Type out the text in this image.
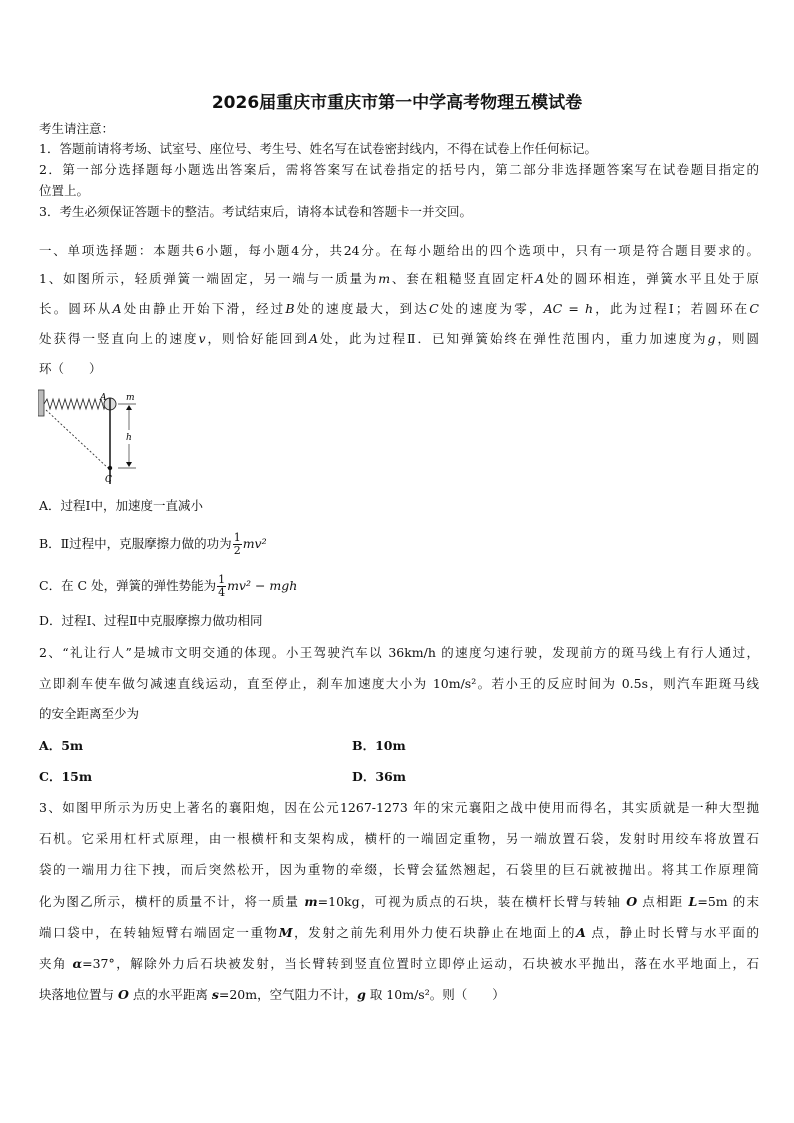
2026届重庆市重庆市第一中学高考物理五模试卷
考生请注意：
1．答题前请将考场、试室号、座位号、考生号、姓名写在试卷密封线内，不得在试卷上作任何标记。
2．第一部分选择题每小题选出答案后，需将答案写在试卷指定的括号内，第二部分非选择题答案写在试卷题目指定的
位置上。
3．考生必须保证答题卡的整洁。考试结束后，请将本试卷和答题卡一并交回。
一、单项选择题：本题共6小题，每小题4分，共24分。在每小题给出的四个选项中，只有一项是符合题目要求的。
1、如图所示，轻质弹簧一端固定，另一端与一质量为m、套在粗糙竖直固定杆A处的圆环相连，弹簧水平且处于原
长。圆环从A处由静止开始下滑，经过B处的速度最大，到达C处的速度为零，AC = h，此为过程Ⅰ；若圆环在C
处获得一竖直向上的速度v，则恰好能回到A处，此为过程Ⅱ．已知弹簧始终在弹性范围内，重力加速度为g，则圆
环（　　）
A m
h
C
A．过程Ⅰ中，加速度一直减小
B．Ⅱ过程中，克服摩擦力做的功为 $\frac{1}{2} mv^2$
C．在 C 处，弹簧的弹性势能为 $\frac{1}{4} mv^2$ − mgh
D．过程Ⅰ、过程Ⅱ中克服摩擦力做功相同
2、“礼让行人”是城市文明交通的体现。小王驾驶汽车以 36km/h 的速度匀速行驶，发现前方的斑马线上有行人通过，
立即刹车使车做匀减速直线运动，直至停止，刹车加速度大小为 10m/s²。若小王的反应时间为 0.5s，则汽车距斑马线
的安全距离至少为
A．5m	B．10m
C．15m	D．36m
3、如图甲所示为历史上著名的襄阳炮，因在公元1267-1273 年的宋元襄阳之战中使用而得名，其实质就是一种大型抛
石机。它采用杠杆式原理，由一根横杆和支架构成，横杆的一端固定重物，另一端放置石袋，发射时用绞车将放置石
袋的一端用力往下拽，而后突然松开，因为重物的牵缀，长臂会猛然翘起，石袋里的巨石就被抛出。将其工作原理简
化为图乙所示，横杆的质量不计，将一质量 m=10kg，可视为质点的石块，装在横杆长臂与转轴 O 点相距 L=5m 的末
端口袋中，在转轴短臂右端固定一重物M，发射之前先利用外力使石块静止在地面上的A 点，静止时长臂与水平面的
夹角 α=37°，解除外力后石块被发射，当长臂转到竖直位置时立即停止运动，石块被水平抛出，落在水平地面上，石
块落地位置与 O 点的水平距离 s=20m，空气阻力不计，g 取 10m/s²。则（　　）
